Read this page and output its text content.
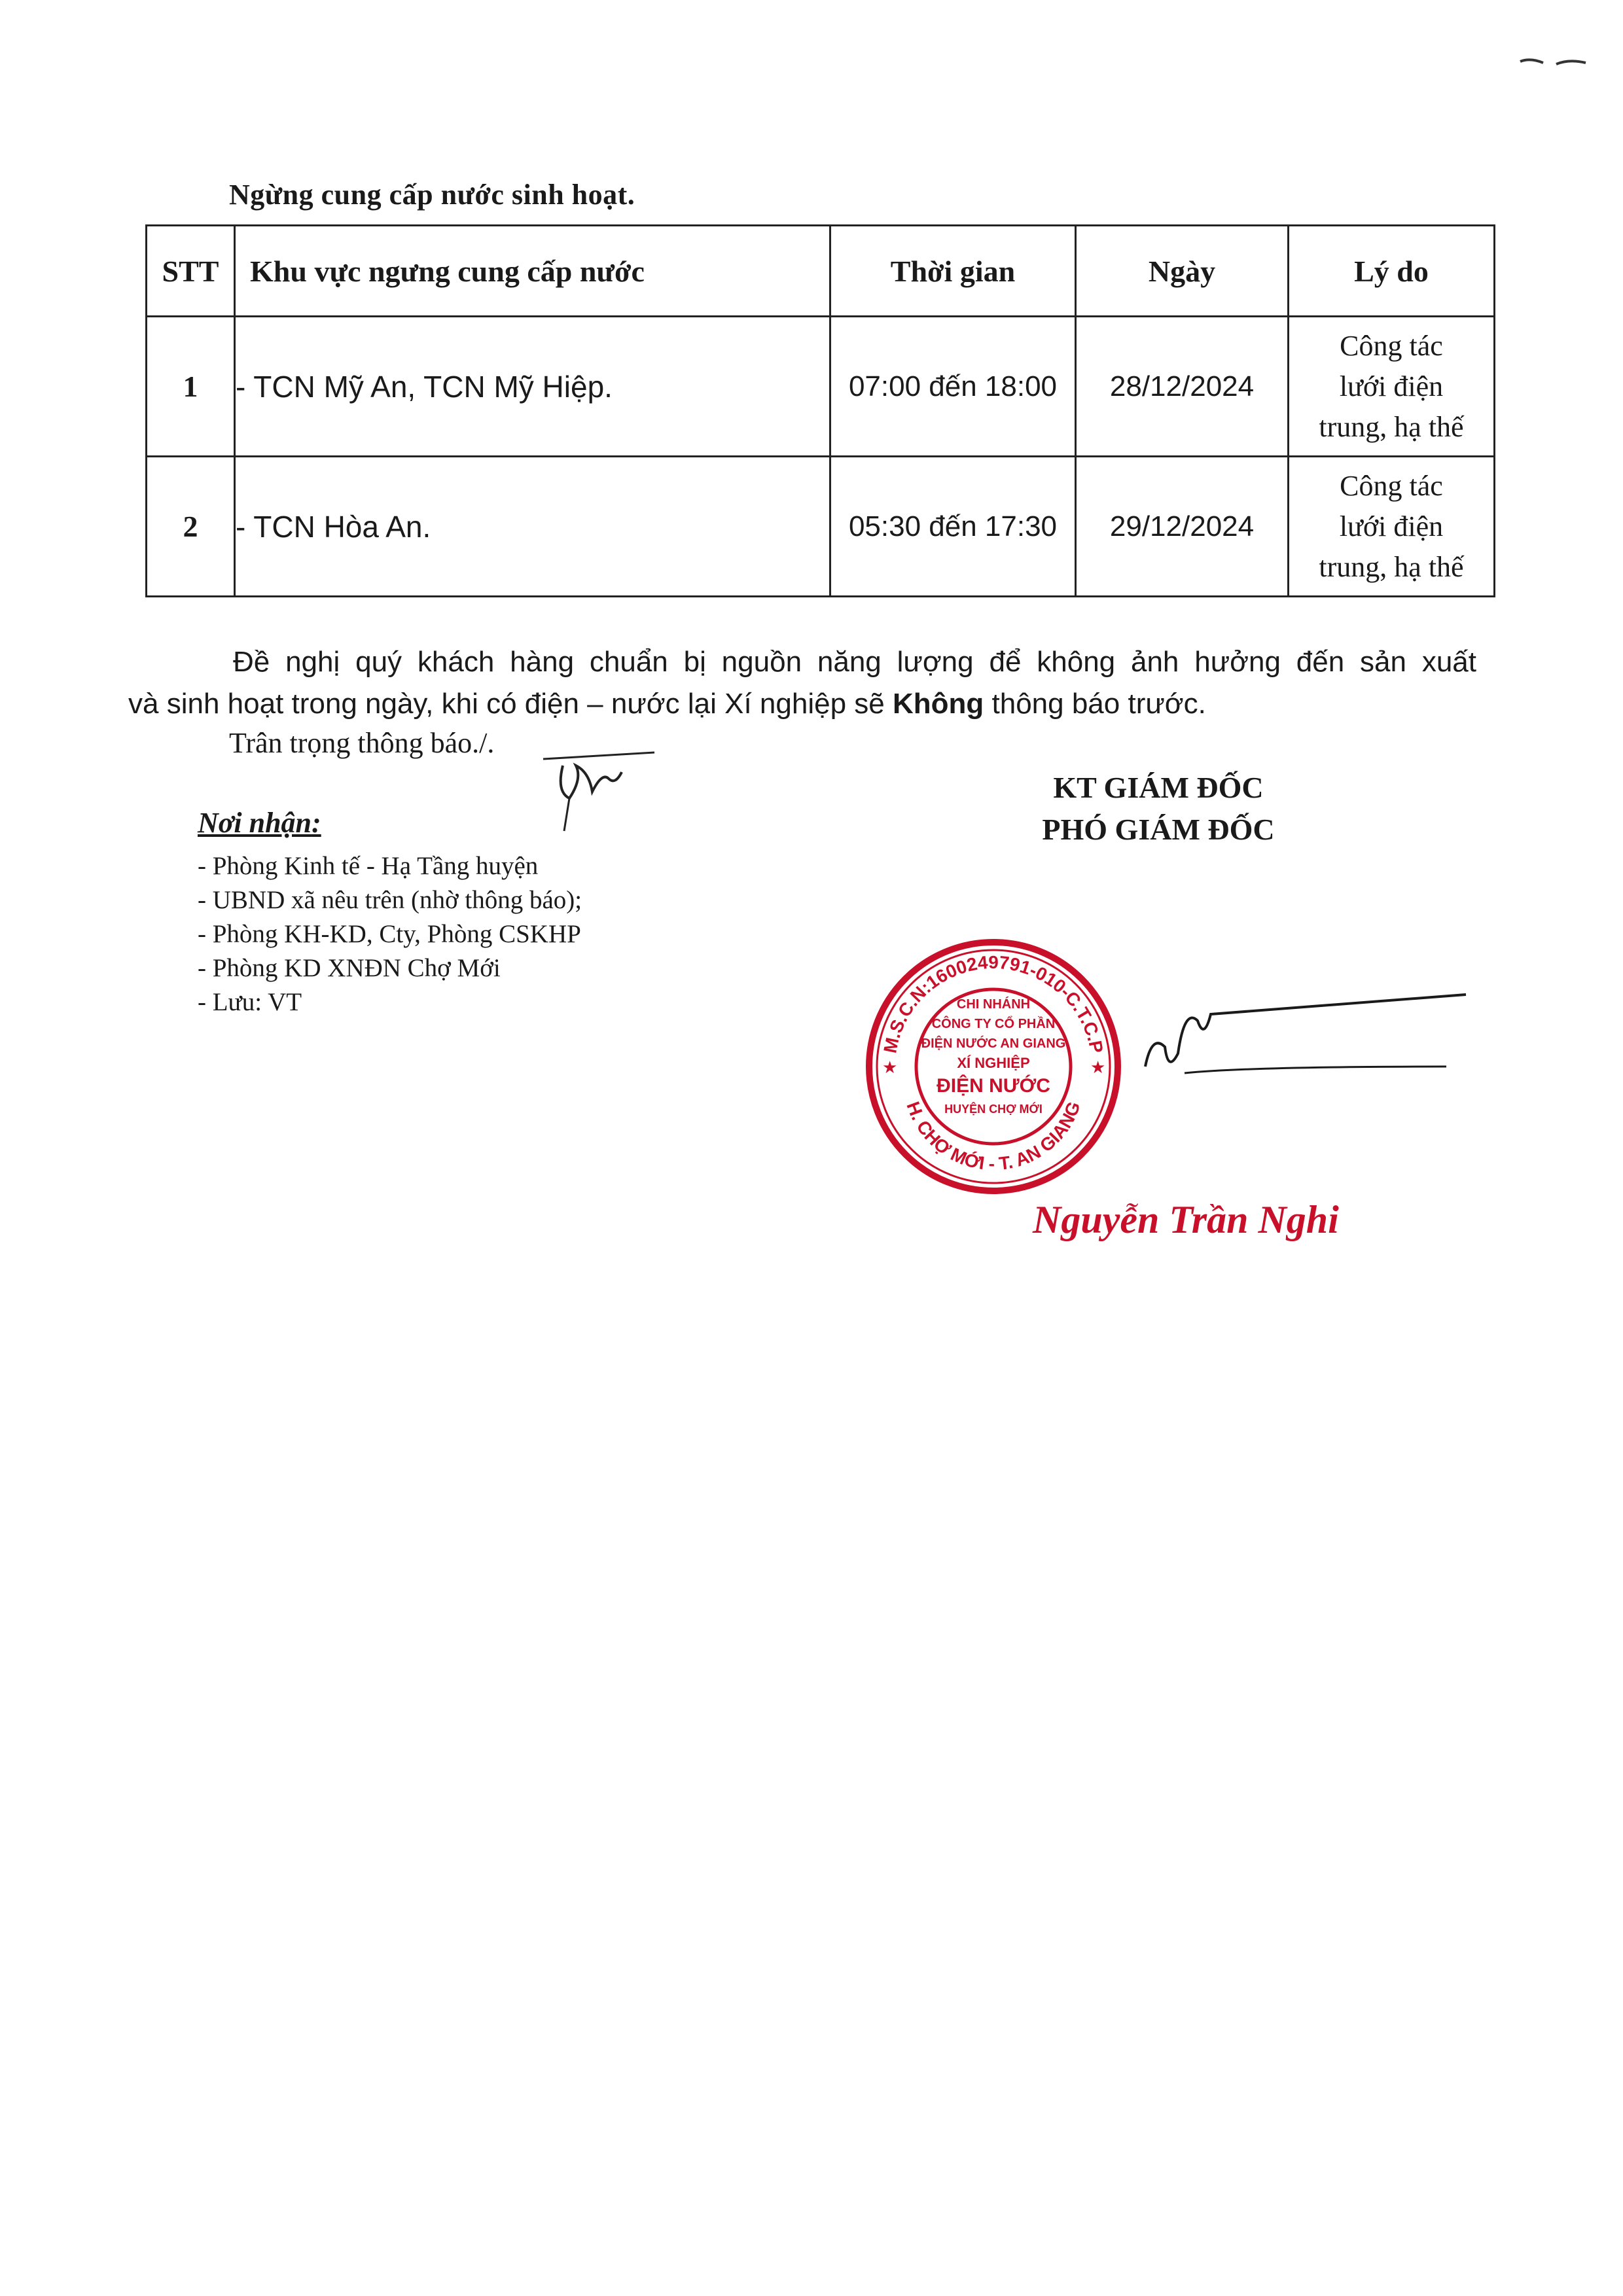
Ngừng cung cấp nước sinh hoạt.
STT	Khu vực ngưng cung cấp nước	Thời gian	Ngày	Lý do
1	- TCN Mỹ An, TCN Mỹ Hiệp.	07:00 đến 18:00	28/12/2024	Công tác
lưới điện
trung, hạ thế

2	- TCN Hòa An.	05:30 đến 17:30	29/12/2024	Công tác
lưới điện
trung, hạ thế
Đề nghị quý khách hàng chuẩn bị nguồn năng lượng để không ảnh hưởng đến sản xuất
và sinh hoạt trong ngày, khi có điện – nước lại Xí nghiệp sẽ Không thông báo trước.
Trân trọng thông báo./.
Nơi nhận:
- Phòng Kinh tế - Hạ Tầng huyện
- UBND xã nêu trên (nhờ thông báo);
- Phòng KH-KD, Cty, Phòng CSKHP
- Phòng KD XNĐN Chợ Mới
- Lưu: VT
KT GIÁM ĐỐC
PHÓ GIÁM ĐỐC
M.S.C.N:1600249791-010-C.T.C.P
H. CHỢ MỚI - T. AN GIANG
★	★
CHI NHÁNH
CÔNG TY CỔ PHẦN
ĐIỆN NƯỚC AN GIANG
XÍ NGHIỆP
ĐIỆN NƯỚC
HUYỆN CHỢ MỚI
Nguyễn Trần Nghi
